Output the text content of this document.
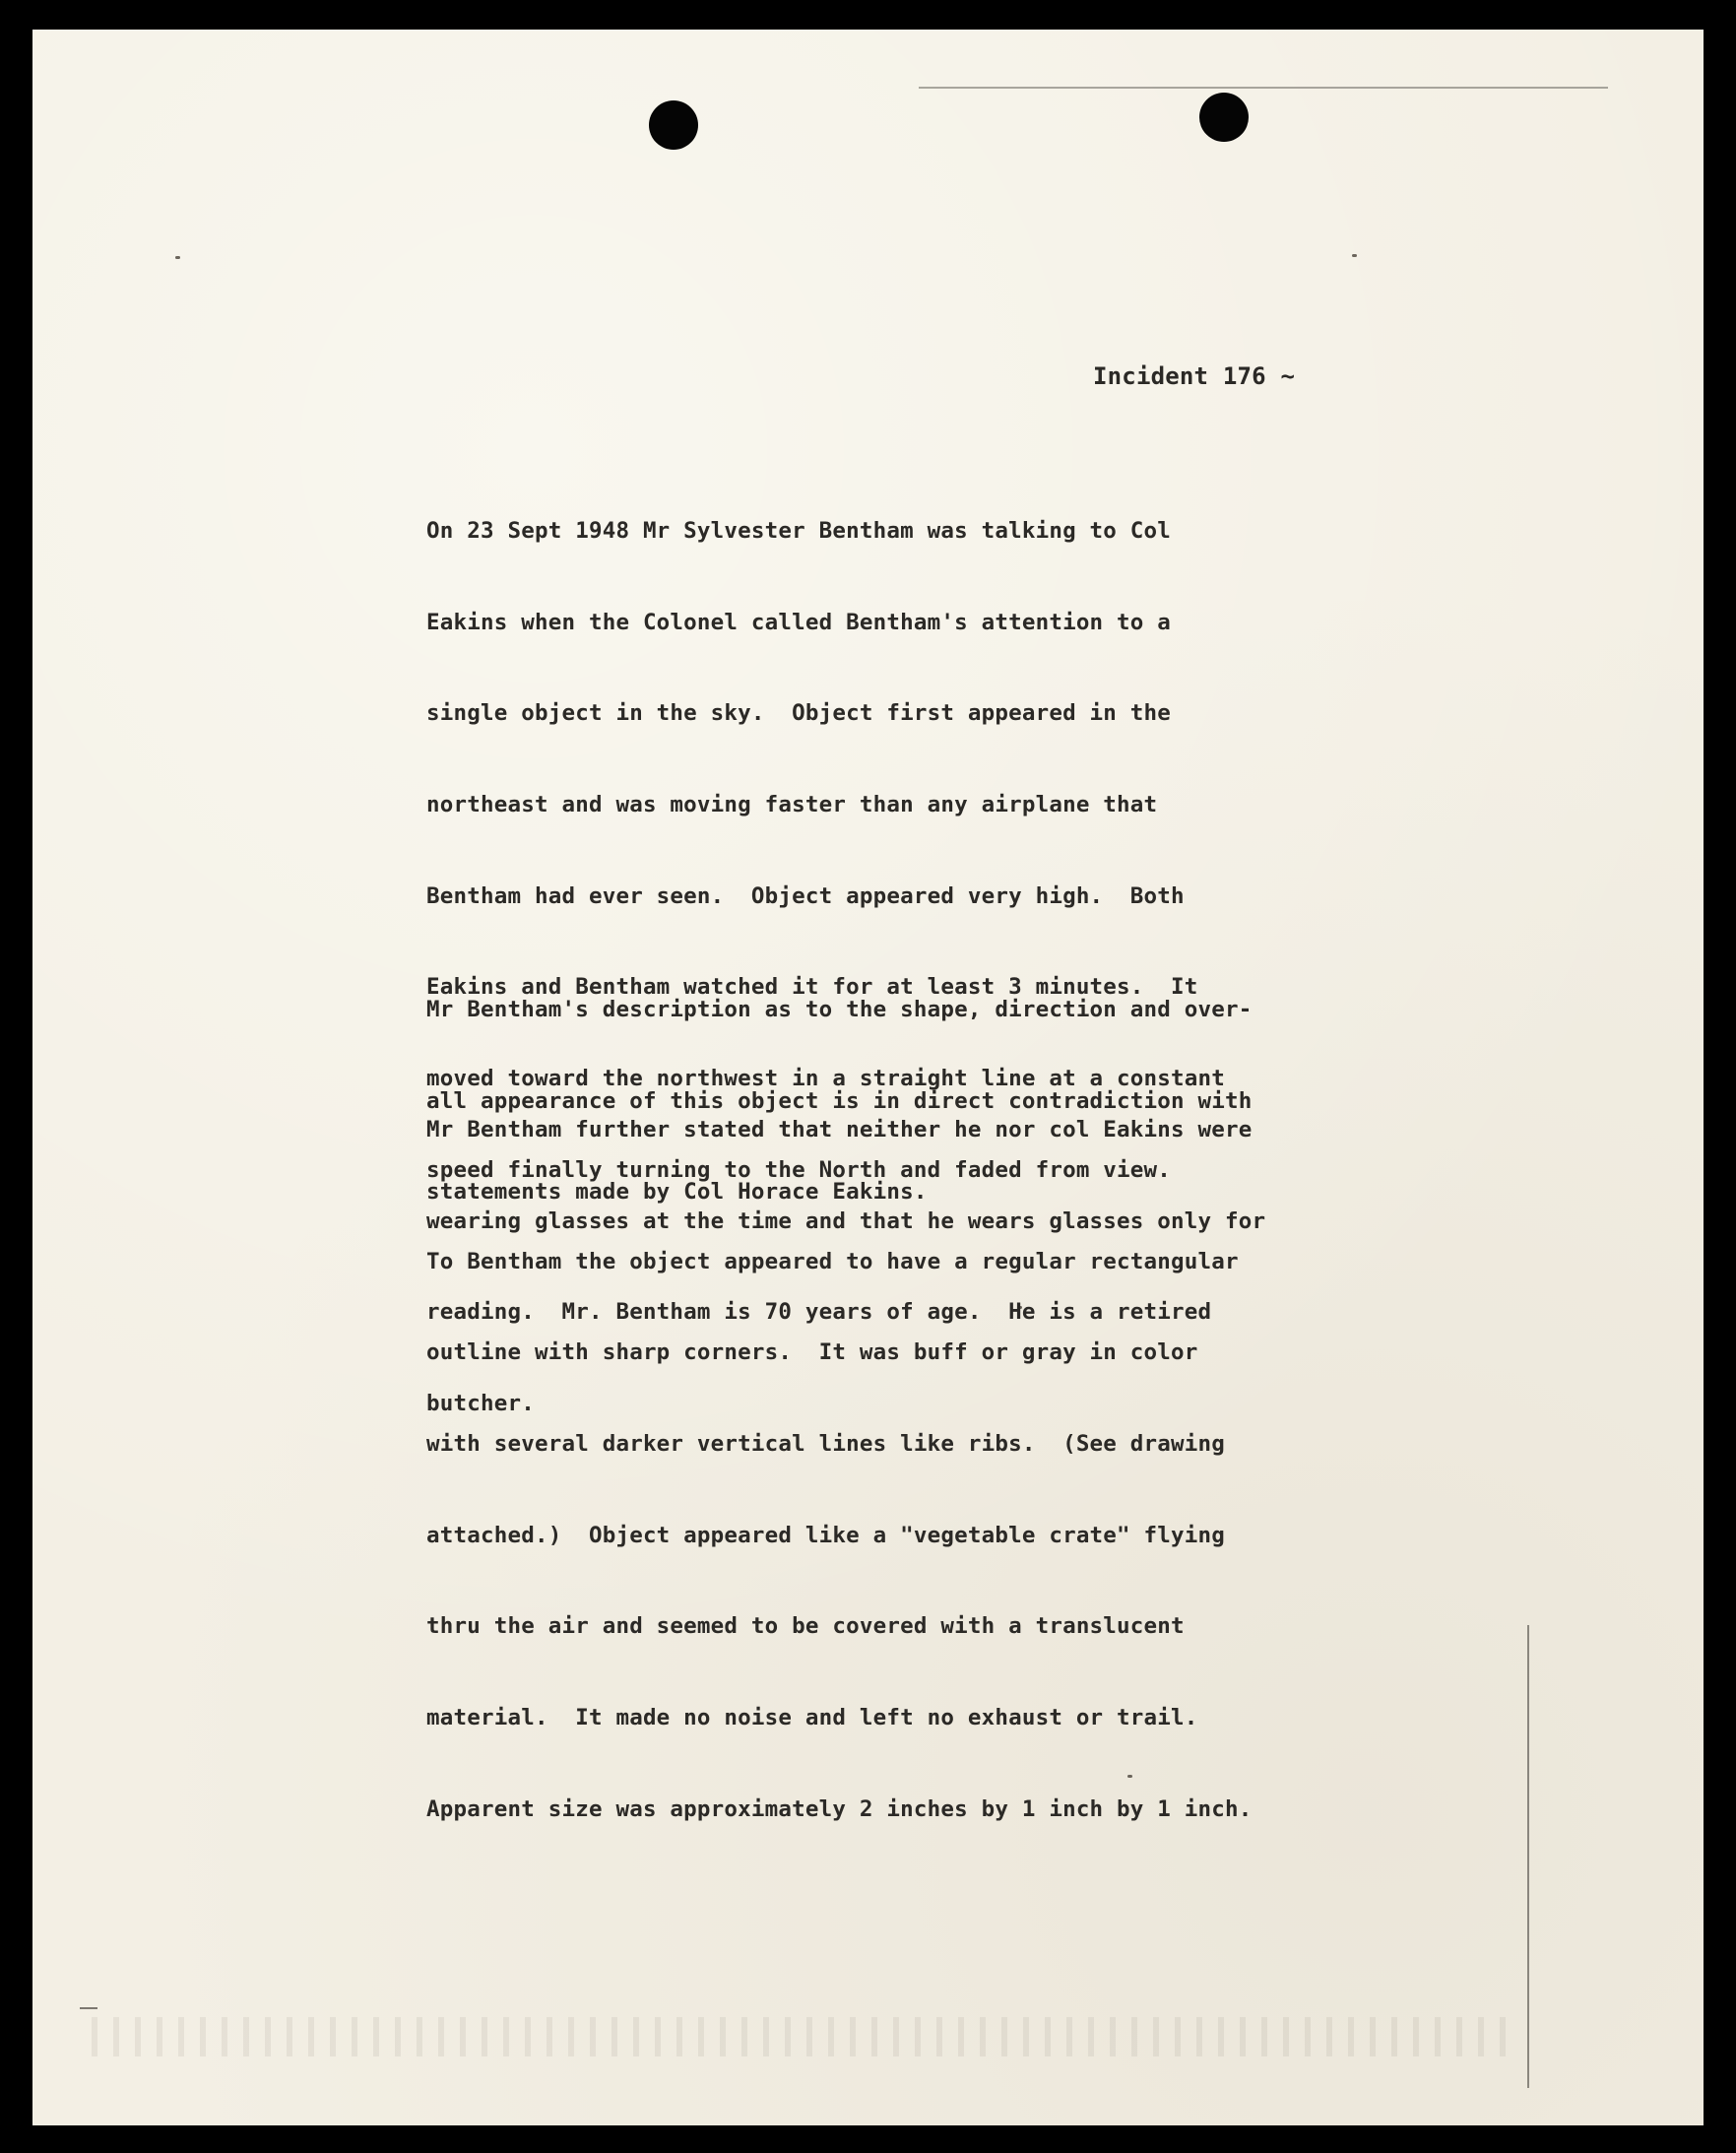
Incident 176 ~

On 23 Sept 1948 Mr Sylvester Bentham was talking to Col

Eakins when the Colonel called Bentham's attention to a

single object in the sky.  Object first appeared in the

northeast and was moving faster than any airplane that

Bentham had ever seen.  Object appeared very high.  Both

Eakins and Bentham watched it for at least 3 minutes.  It

moved toward the northwest in a straight line at a constant

speed finally turning to the North and faded from view.

To Bentham the object appeared to have a regular rectangular

outline with sharp corners.  It was buff or gray in color

with several darker vertical lines like ribs.  (See drawing

attached.)  Object appeared like a "vegetable crate" flying

thru the air and seemed to be covered with a translucent

material.  It made no noise and left no exhaust or trail.

Apparent size was approximately 2 inches by 1 inch by 1 inch.

Mr Bentham's description as to the shape, direction and over-

all appearance of this object is in direct contradiction with

statements made by Col Horace Eakins.

Mr Bentham further stated that neither he nor col Eakins were

wearing glasses at the time and that he wears glasses only for

reading.  Mr. Bentham is 70 years of age.  He is a retired

butcher.
